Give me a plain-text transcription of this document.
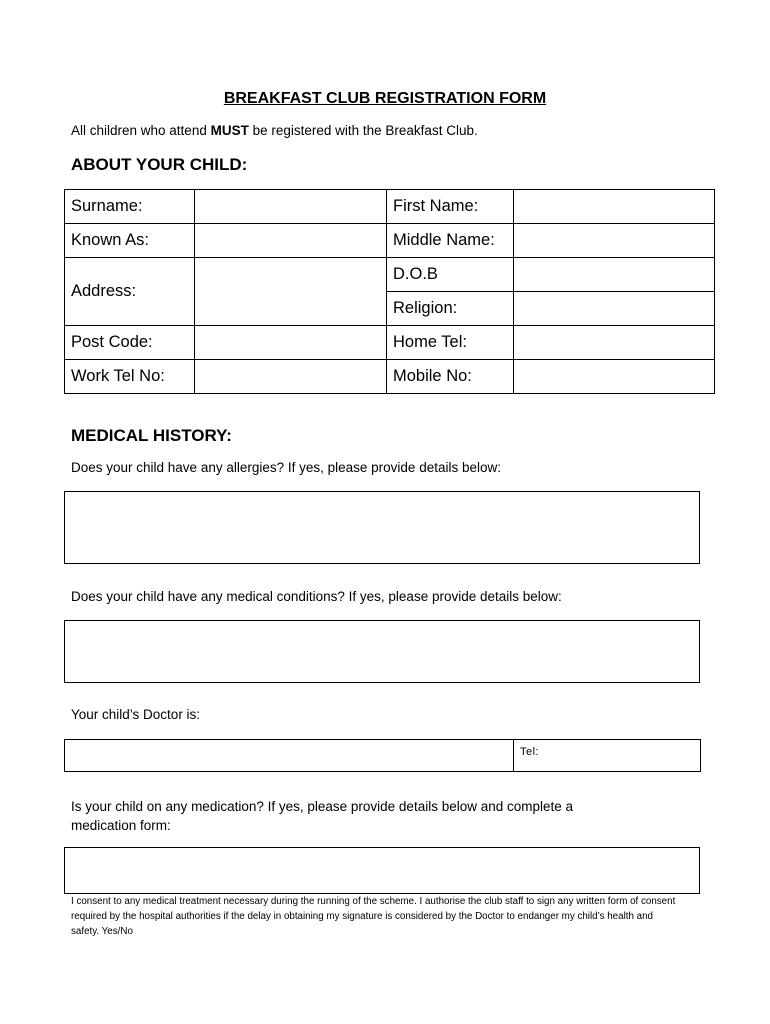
BREAKFAST CLUB REGISTRATION FORM
All children who attend MUST be registered with the Breakfast Club.
ABOUT YOUR CHILD:
Surname:		First Name:	
Known As:		Middle Name:	
Address:		D.O.B	
		Religion:	
Post Code:		Home Tel:	
Work Tel No:		Mobile No:	
MEDICAL HISTORY:
Does your child have any allergies? If yes, please provide details below:
Does your child have any medical conditions? If yes, please provide details below:
Your child’s Doctor is:
Tel:
Is your child on any medication? If yes, please provide details below and complete a
medication form:
I consent to any medical treatment necessary during the running of the scheme. I authorise the club staff to sign any written form of consent required by the hospital authorities if the delay in obtaining my signature is considered by the Doctor to endanger my child’s health and safety. Yes/No
